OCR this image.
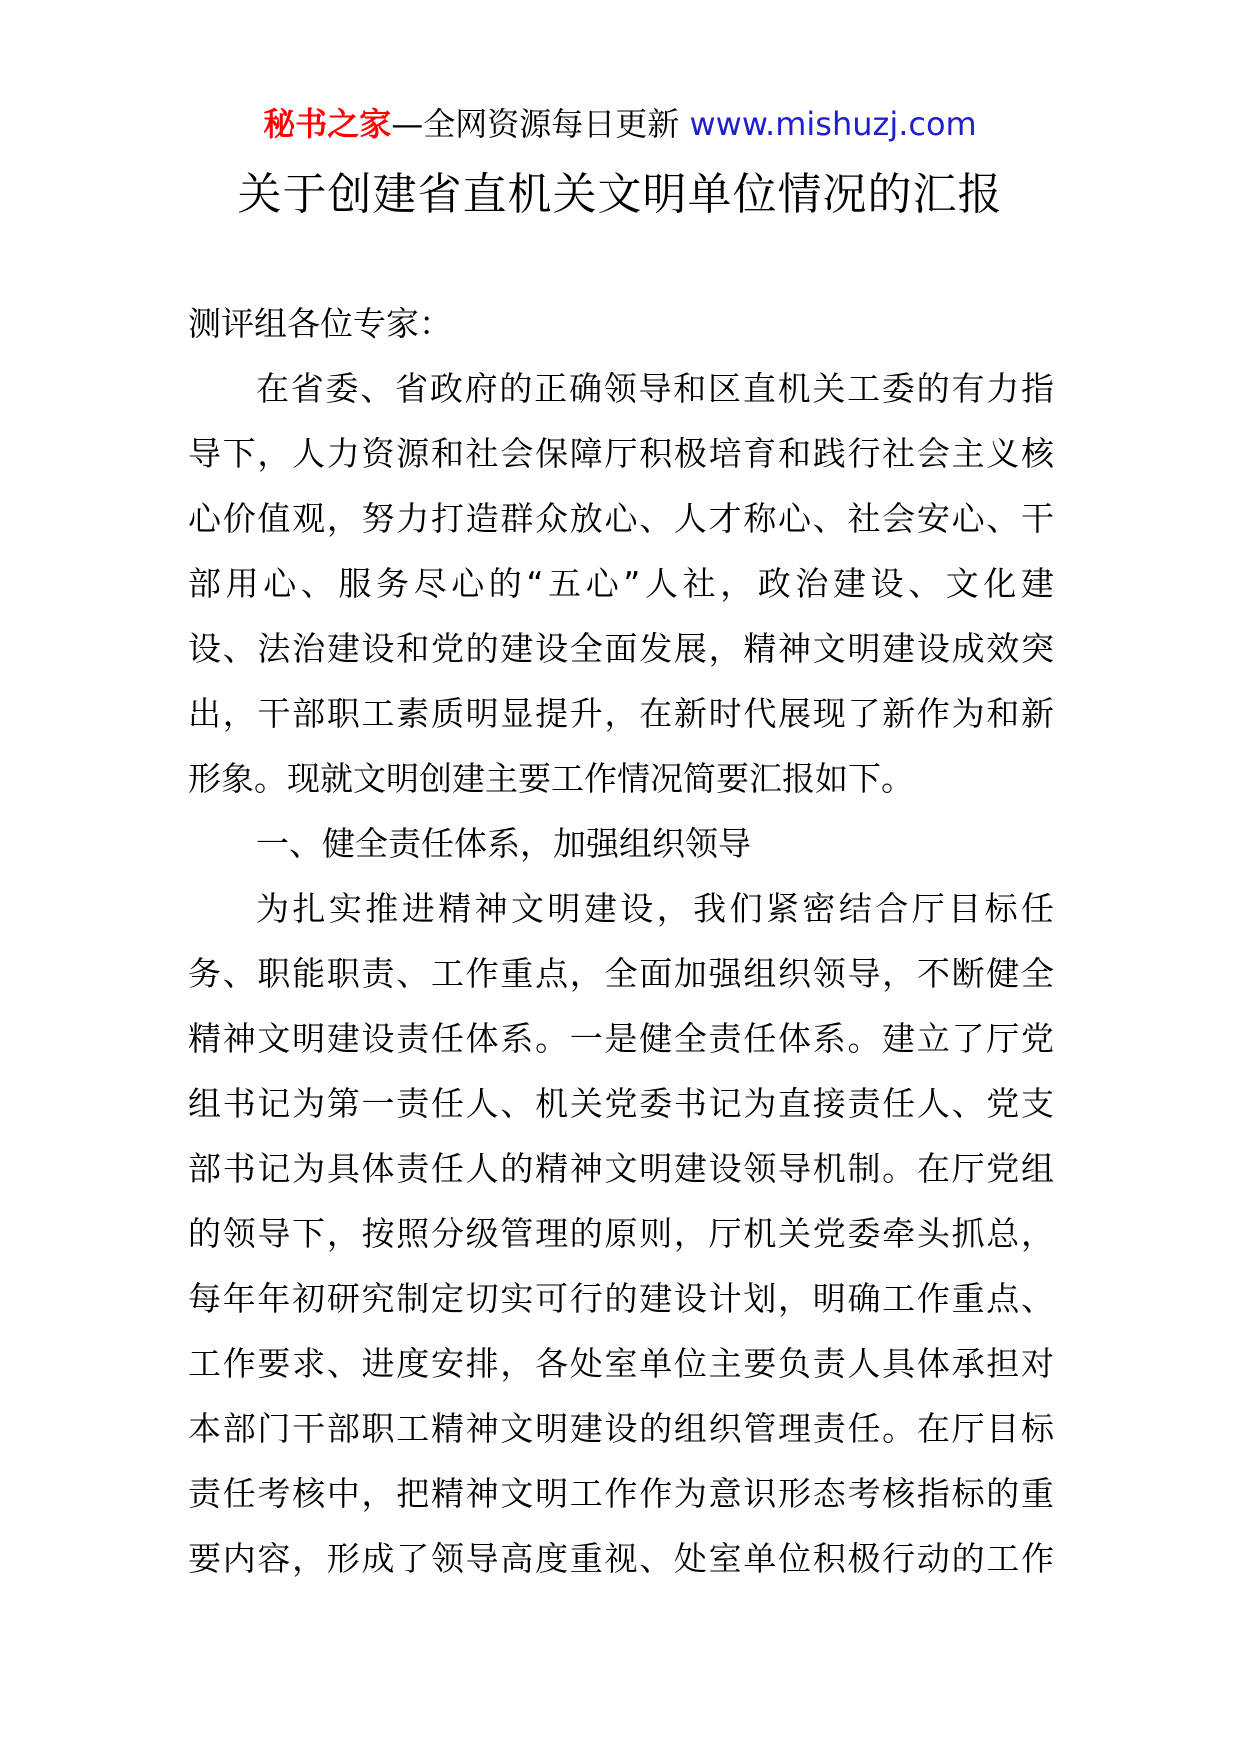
秘书之家—全网资源每日更新 www.mishuzj.com
关于创建省直机关文明单位情况的汇报
测评组各位专家：
在省委、省政府的正确领导和区直机关工委的有力指
导下，人力资源和社会保障厅积极培育和践行社会主义核
心价值观，努力打造群众放心、人才称心、社会安心、干
部用心、服务尽心的“五心”人社，政治建设、文化建
设、法治建设和党的建设全面发展，精神文明建设成效突
出，干部职工素质明显提升，在新时代展现了新作为和新
形象。现就文明创建主要工作情况简要汇报如下。
一、健全责任体系，加强组织领导
为扎实推进精神文明建设，我们紧密结合厅目标任
务、职能职责、工作重点，全面加强组织领导，不断健全
精神文明建设责任体系。一是健全责任体系。建立了厅党
组书记为第一责任人、机关党委书记为直接责任人、党支
部书记为具体责任人的精神文明建设领导机制。在厅党组
的领导下，按照分级管理的原则，厅机关党委牵头抓总，
每年年初研究制定切实可行的建设计划，明确工作重点、
工作要求、进度安排，各处室单位主要负责人具体承担对
本部门干部职工精神文明建设的组织管理责任。在厅目标
责任考核中，把精神文明工作作为意识形态考核指标的重
要内容，形成了领导高度重视、处室单位积极行动的工作
